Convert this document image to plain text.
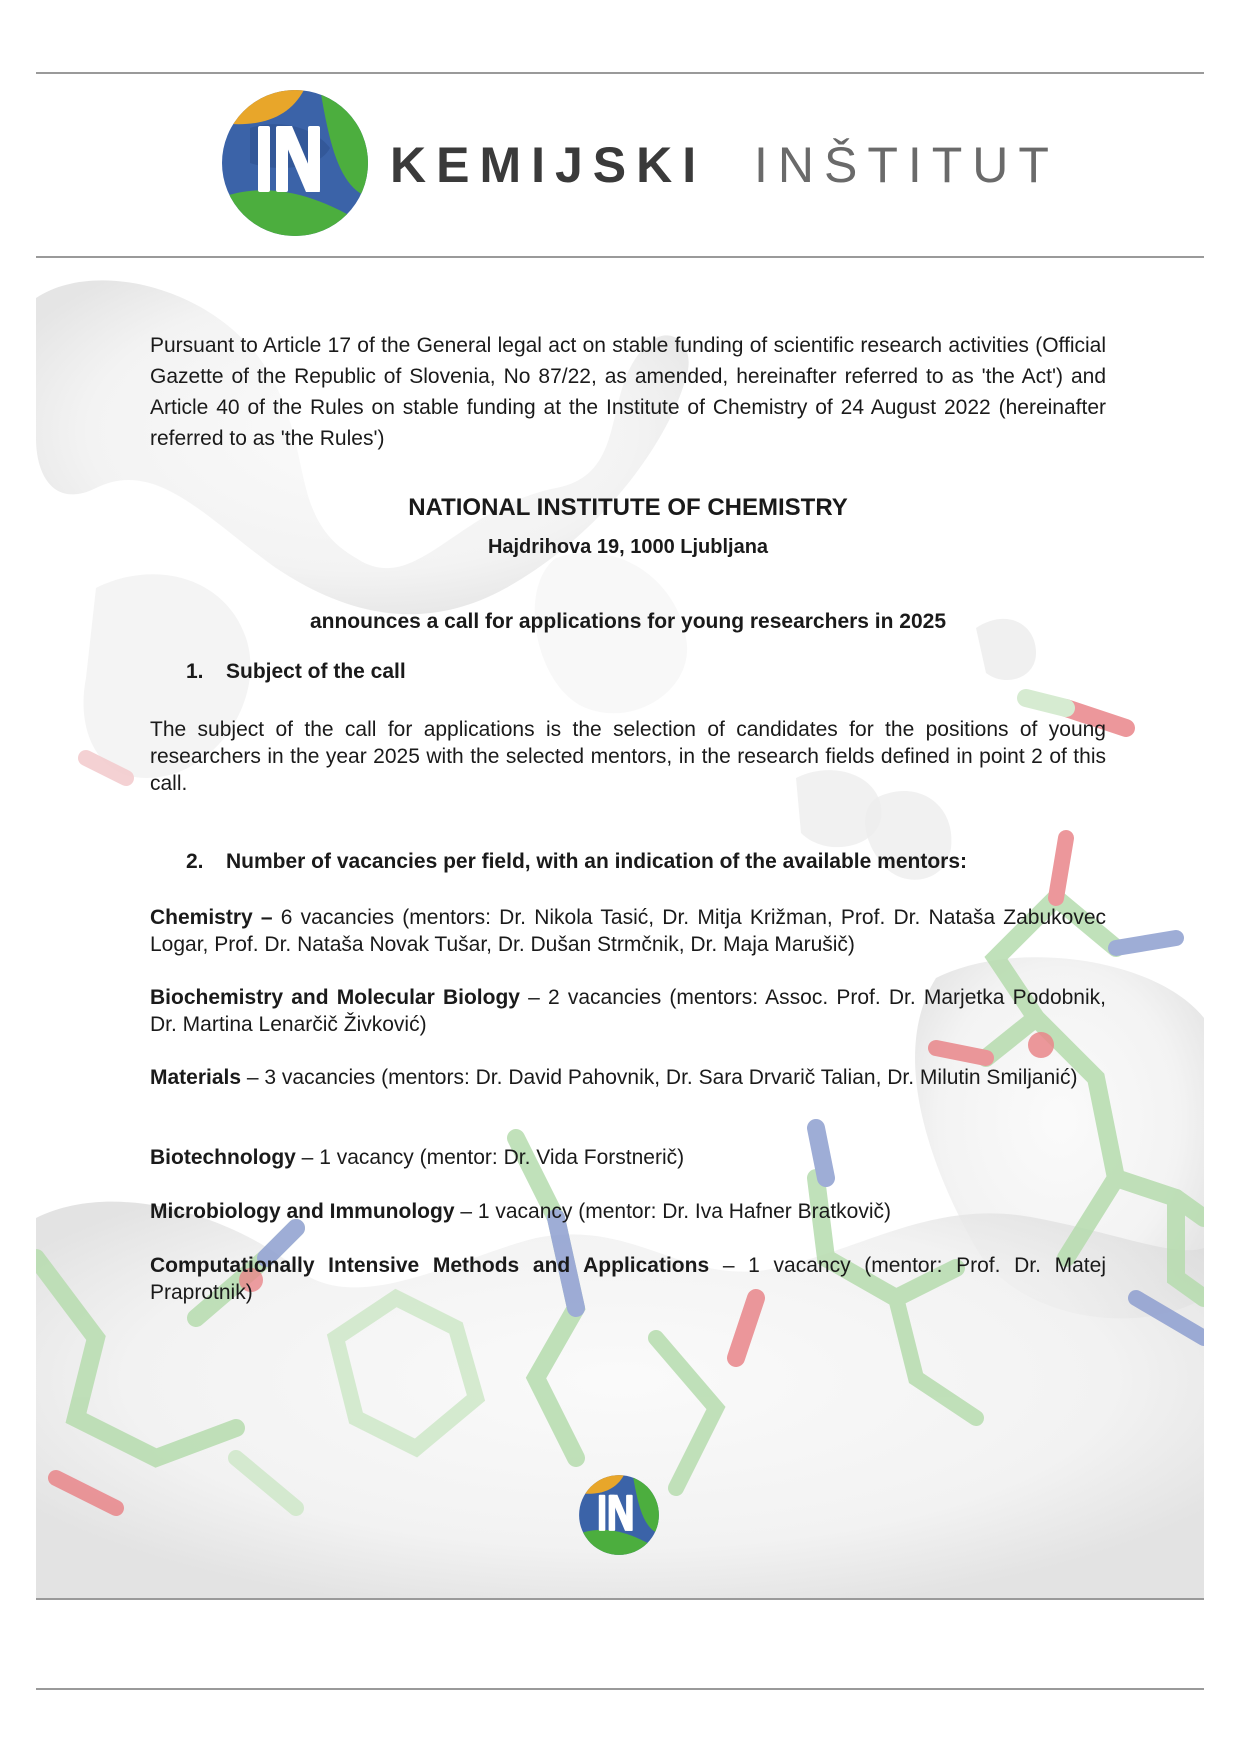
KEMIJSKI INŠTITUT
Pursuant to Article 17 of the General legal act on stable funding of scientific research activities (Official Gazette of the Republic of Slovenia, No 87/22, as amended, hereinafter referred to as 'the Act') and Article 40 of the Rules on stable funding at the Institute of Chemistry of 24 August 2022 (hereinafter referred to as 'the Rules')
NATIONAL INSTITUTE OF CHEMISTRY
Hajdrihova 19, 1000 Ljubljana
announces a call for applications for young researchers in 2025
1. Subject of the call
The subject of the call for applications is the selection of candidates for the positions of young researchers in the year 2025 with the selected mentors, in the research fields defined in point 2 of this call.
2. Number of vacancies per field, with an indication of the available mentors:
Chemistry – 6 vacancies (mentors: Dr. Nikola Tasić, Dr. Mitja Križman, Prof. Dr. Nataša Zabukovec Logar, Prof. Dr. Nataša Novak Tušar, Dr. Dušan Strmčnik, Dr. Maja Marušič)
Biochemistry and Molecular Biology – 2 vacancies (mentors: Assoc. Prof. Dr. Marjetka Podobnik, Dr. Martina Lenarčič Živković)
Materials – 3 vacancies (mentors: Dr. David Pahovnik, Dr. Sara Drvarič Talian, Dr. Milutin Smiljanić)
Biotechnology – 1 vacancy (mentor: Dr. Vida Forstnerič)
Microbiology and Immunology – 1 vacancy (mentor: Dr. Iva Hafner Bratkovič)
Computationally Intensive Methods and Applications – 1 vacancy (mentor: Prof. Dr. Matej Praprotnik)
